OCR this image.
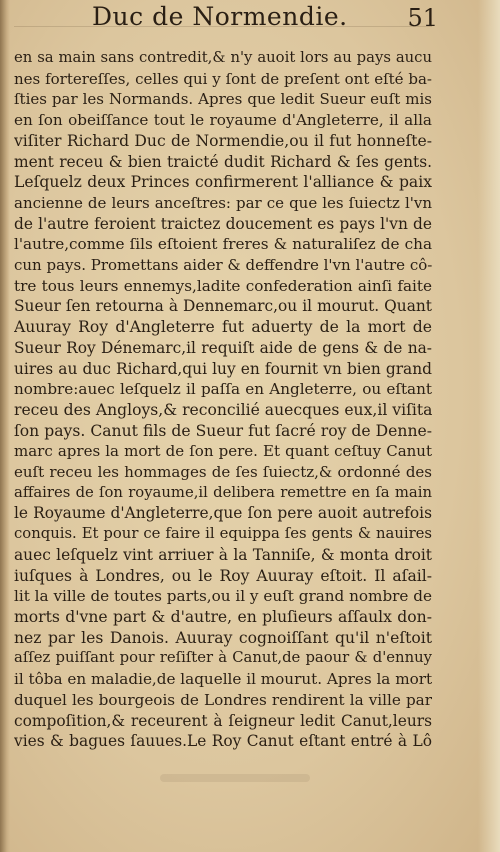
Duc de Normendie.	51
en sa main sans contredit,& n'y auoit lors au pays aucu
nes fortereſſes, celles qui y ſont de preſent ont eſté ba-
ſties par les Normands. Apres que ledit Sueur euſt mis
en ſon obeiſſance tout le royaume d'Angleterre, il alla
viſiter Richard Duc de Normendie,ou il fut honneſte-
ment receu & bien traicté dudit Richard & ſes gents.
Leſquelz deux Princes confirmerent l'alliance & paix
ancienne de leurs anceſtres: par ce que les ſuiectz l'vn
de l'autre feroient traictez doucement es pays l'vn de
l'autre,comme ſils eſtoient freres & naturaliſez de cha
cun pays. Promettans aider & deffendre l'vn l'autre cô-
tre tous leurs ennemys,ladite confederation ainſi faite
Sueur ſen retourna à Dennemarc,ou il mourut. Quant
Auuray Roy d'Angleterre fut aduerty de la mort de
Sueur Roy Dénemarc,il requiſt aide de gens & de na-
uires au duc Richard,qui luy en fournit vn bien grand
nombre:auec leſquelz il paſſa en Angleterre, ou eſtant
receu des Angloys,& reconcilié auecques eux,il viſita
ſon pays. Canut fils de Sueur fut ſacré roy de Denne-
marc apres la mort de ſon pere. Et quant ceſtuy Canut
euſt receu les hommages de ſes ſuiectz,& ordonné des
affaires de ſon royaume,il delibera remettre en ſa main
le Royaume d'Angleterre,que ſon pere auoit autrefois
conquis. Et pour ce faire il equippa ſes gents & nauires
auec leſquelz vint arriuer à la Tanniſe, & monta droit
iuſques à Londres, ou le Roy Auuray eſtoit. Il aſail-
lit la ville de toutes parts,ou il y euſt grand nombre de
morts d'vne part & d'autre, en pluſieurs aſſaulx don-
nez par les Danois. Auuray cognoiſſant qu'il n'eſtoit
aſſez puiſſant pour reſiſter à Canut,de paour & d'ennuy
il tôba en maladie,de laquelle il mourut. Apres la mort
duquel les bourgeois de Londres rendirent la ville par
compoſition,& receurent à ſeigneur ledit Canut,leurs
vies & bagues ſauues.Le Roy Canut eſtant entré à Lô
